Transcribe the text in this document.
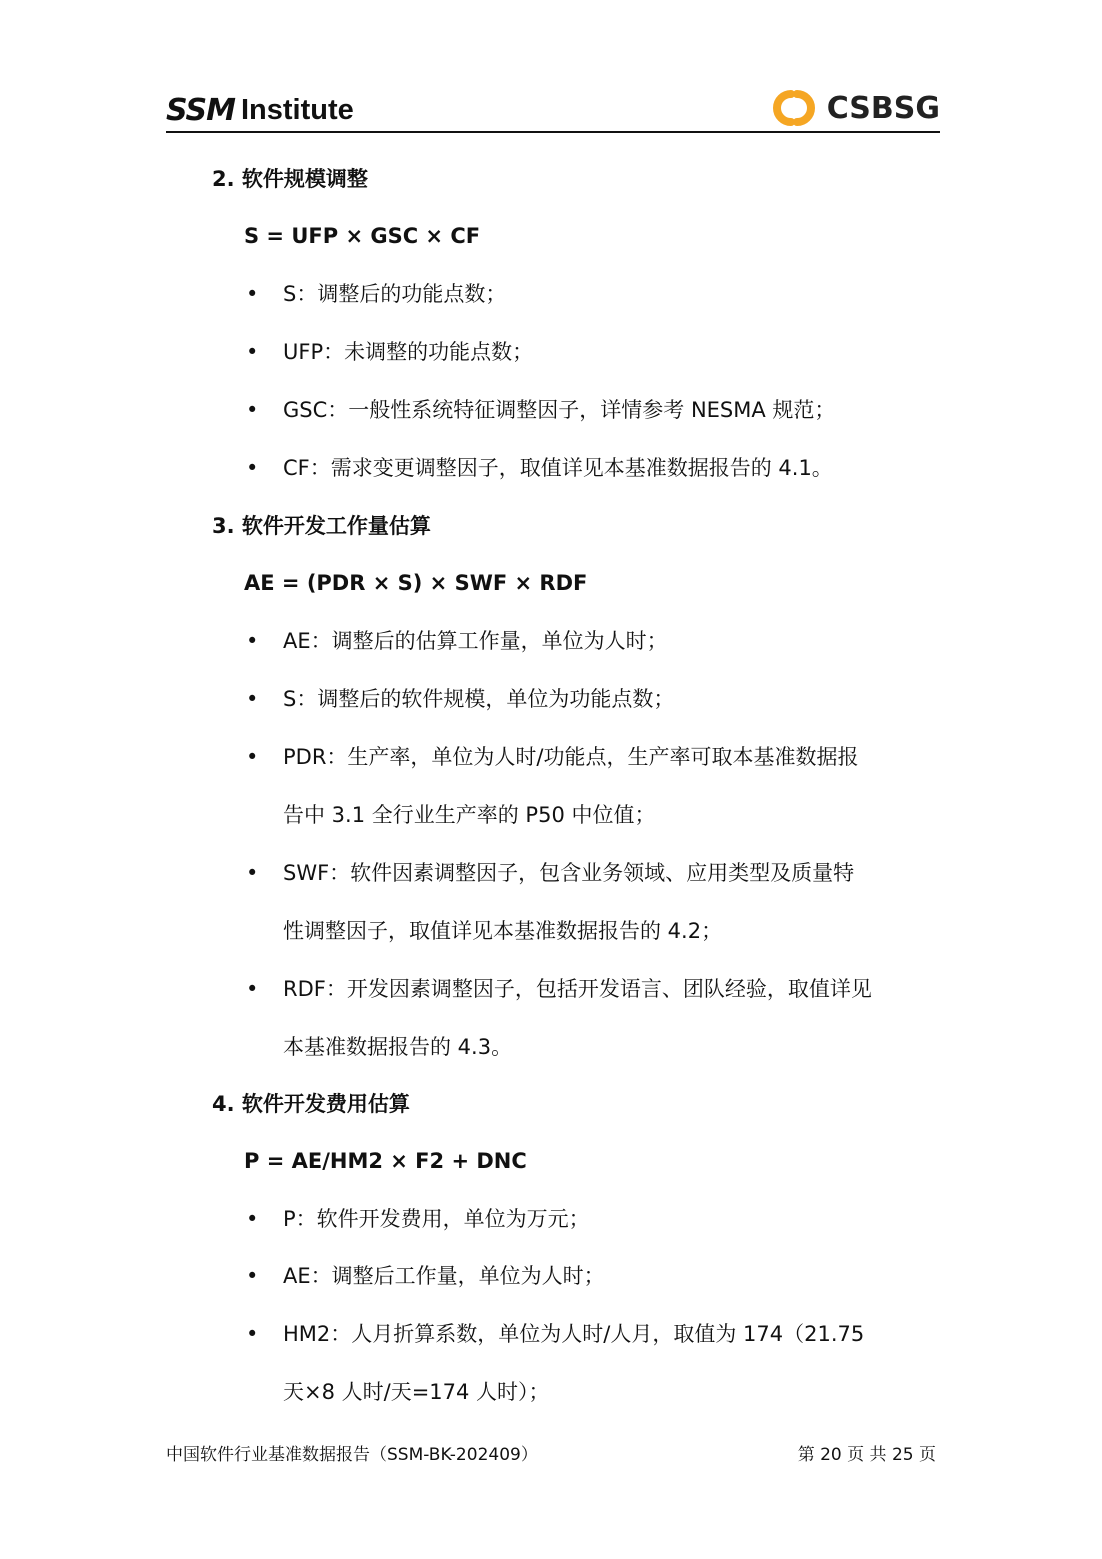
SSM Institute	CSBSG
2. 软件规模调整
S = UFP × GSC × CF
• S：调整后的功能点数；
• UFP：未调整的功能点数；
• GSC：一般性系统特征调整因子，详情参考 NESMA 规范；
• CF：需求变更调整因子，取值详见本基准数据报告的 4.1。
3. 软件开发工作量估算
AE = (PDR × S) × SWF × RDF
• AE：调整后的估算工作量，单位为人时；
• S：调整后的软件规模，单位为功能点数；
• PDR：生产率，单位为人时/功能点，生产率可取本基准数据报
告中 3.1 全行业生产率的 P50 中位值；
• SWF：软件因素调整因子，包含业务领域、应用类型及质量特
性调整因子，取值详见本基准数据报告的 4.2；
• RDF：开发因素调整因子，包括开发语言、团队经验，取值详见
本基准数据报告的 4.3。
4. 软件开发费用估算
P = AE/HM2 × F2 + DNC
• P：软件开发费用，单位为万元；
• AE：调整后工作量，单位为人时；
• HM2：人月折算系数，单位为人时/人月，取值为 174（21.75
天×8 人时/天=174 人时）；
中国软件行业基准数据报告（SSM-BK-202409）	第 20 页 共 25 页
